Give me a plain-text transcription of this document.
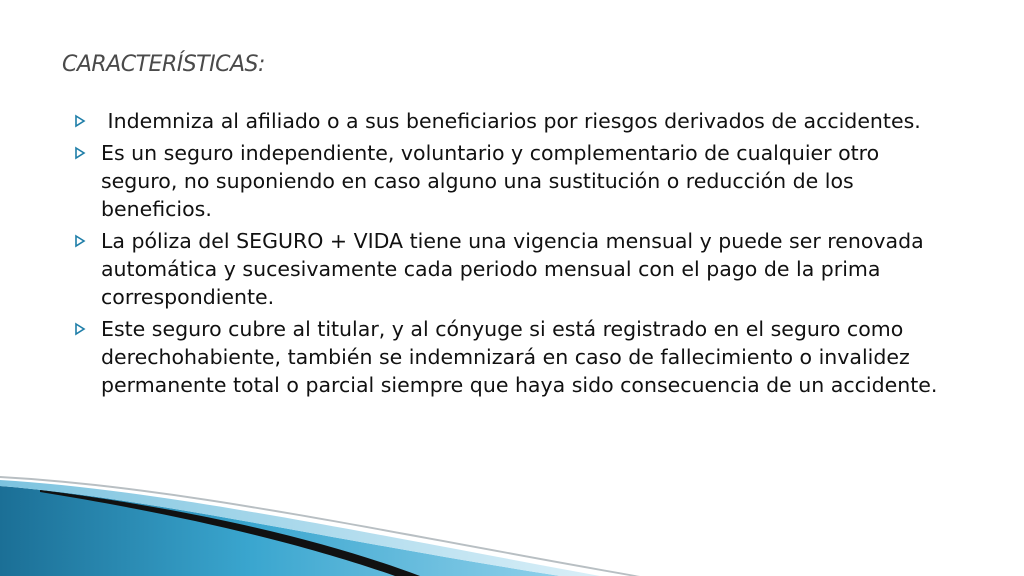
CARACTERÍSTICAS:
Indemniza al afiliado o a sus beneficiarios por riesgos derivados de accidentes.
Es un seguro independiente, voluntario y complementario de cualquier otro seguro, no suponiendo en caso alguno una sustitución o reducción de los beneficios.
La póliza del SEGURO + VIDA tiene una vigencia mensual y puede ser renovada automática y sucesivamente cada periodo mensual con el pago de la prima correspondiente.
Este seguro cubre al titular, y al cónyuge si está registrado en el seguro como derechohabiente, también se indemnizará en caso de fallecimiento o invalidez permanente total o parcial siempre que haya sido consecuencia de un accidente.
